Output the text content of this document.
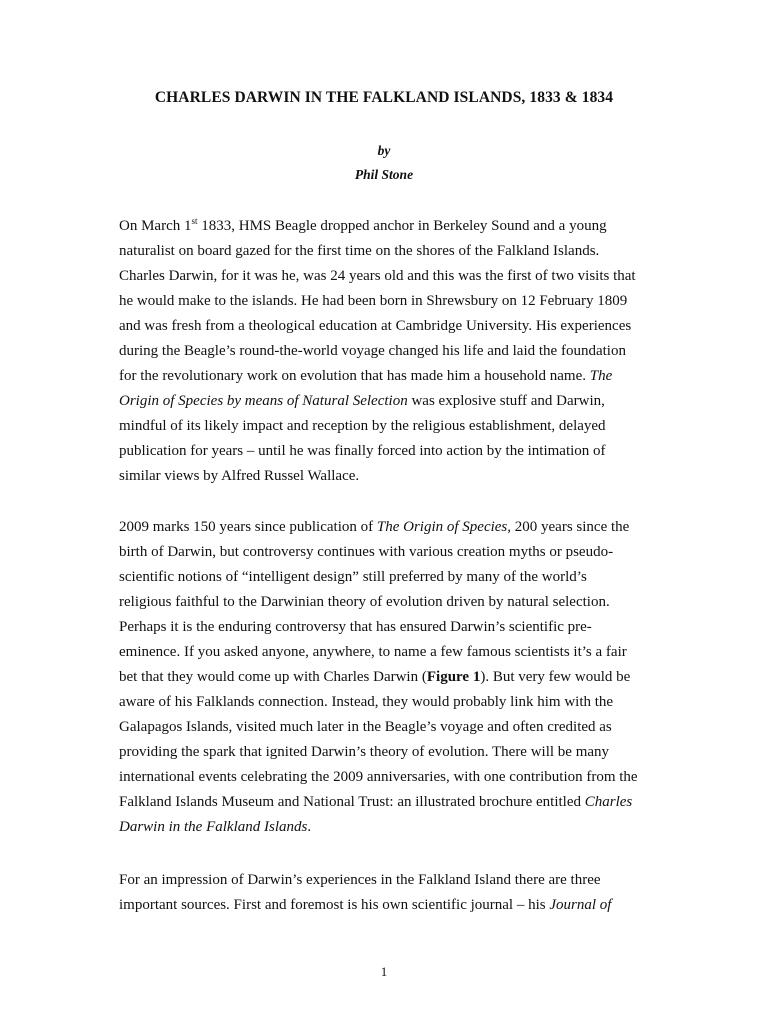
CHARLES DARWIN IN THE FALKLAND ISLANDS, 1833 & 1834
by
Phil Stone
On March 1st 1833, HMS Beagle dropped anchor in Berkeley Sound and a young
naturalist on board gazed for the first time on the shores of the Falkland Islands.
Charles Darwin, for it was he, was 24 years old and this was the first of two visits that
he would make to the islands. He had been born in Shrewsbury on 12 February 1809
and was fresh from a theological education at Cambridge University. His experiences
during the Beagle’s round-the-world voyage changed his life and laid the foundation
for the revolutionary work on evolution that has made him a household name. The
Origin of Species by means of Natural Selection was explosive stuff and Darwin,
mindful of its likely impact and reception by the religious establishment, delayed
publication for years – until he was finally forced into action by the intimation of
similar views by Alfred Russel Wallace.
2009 marks 150 years since publication of The Origin of Species, 200 years since the
birth of Darwin, but controversy continues with various creation myths or pseudo-
scientific notions of “intelligent design” still preferred by many of the world’s
religious faithful to the Darwinian theory of evolution driven by natural selection.
Perhaps it is the enduring controversy that has ensured Darwin’s scientific pre-
eminence. If you asked anyone, anywhere, to name a few famous scientists it’s a fair
bet that they would come up with Charles Darwin (Figure 1). But very few would be
aware of his Falklands connection. Instead, they would probably link him with the
Galapagos Islands, visited much later in the Beagle’s voyage and often credited as
providing the spark that ignited Darwin’s theory of evolution. There will be many
international events celebrating the 2009 anniversaries, with one contribution from the
Falkland Islands Museum and National Trust: an illustrated brochure entitled Charles
Darwin in the Falkland Islands.
For an impression of Darwin’s experiences in the Falkland Island there are three
important sources. First and foremost is his own scientific journal – his Journal of
1
